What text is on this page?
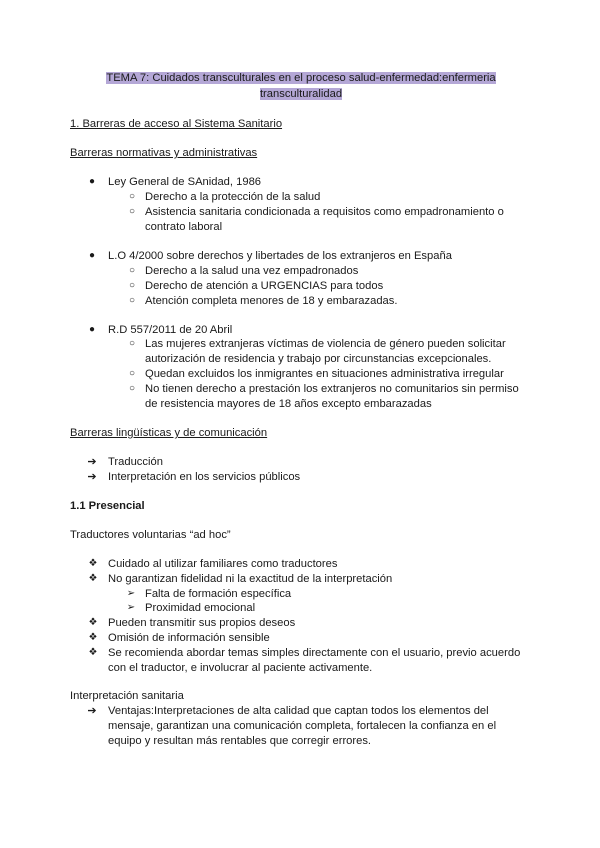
TEMA 7: Cuidados transculturales en el proceso salud-enfermedad:enfermeria transculturalidad
1. Barreras de acceso al Sistema Sanitario
Barreras normativas y administrativas
●	Ley General de SAnidad, 1986
○ Derecho a la protección de la salud
○ Asistencia sanitaria condicionada a requisitos como empadronamiento o
contrato laboral
●	L.O 4/2000 sobre derechos y libertades de los extranjeros en España
○ Derecho a la salud una vez empadronados
○ Derecho de atención a URGENCIAS para todos
○ Atención completa menores de 18 y embarazadas.
●	R.D 557/2011 de 20 Abril
○ Las mujeres extranjeras víctimas de violencia de género pueden solicitar
autorización de residencia y trabajo por circunstancias excepcionales.
○ Quedan excluidos los inmigrantes en situaciones administrativa irregular
○ No tienen derecho a prestación los extranjeros no comunitarios sin permiso
de resistencia mayores de 18 años excepto embarazadas
Barreras lingüísticas y de comunicación
➔ Traducción
➔ Interpretación en los servicios públicos
1.1 Presencial
Traductores voluntarias “ad hoc”
❖ Cuidado al utilizar familiares como traductores
❖ No garantizan fidelidad ni la exactitud de la interpretación
➢ Falta de formación específica
➢ Proximidad emocional
❖ Pueden transmitir sus propios deseos
❖ Omisión de información sensible
❖ Se recomienda abordar temas simples directamente con el usuario, previo acuerdo
con el traductor, e involucrar al paciente activamente.
Interpretación sanitaria
➔ Ventajas:Interpretaciones de alta calidad que captan todos los elementos del
mensaje, garantizan una comunicación completa, fortalecen la confianza en el
equipo y resultan más rentables que corregir errores.
